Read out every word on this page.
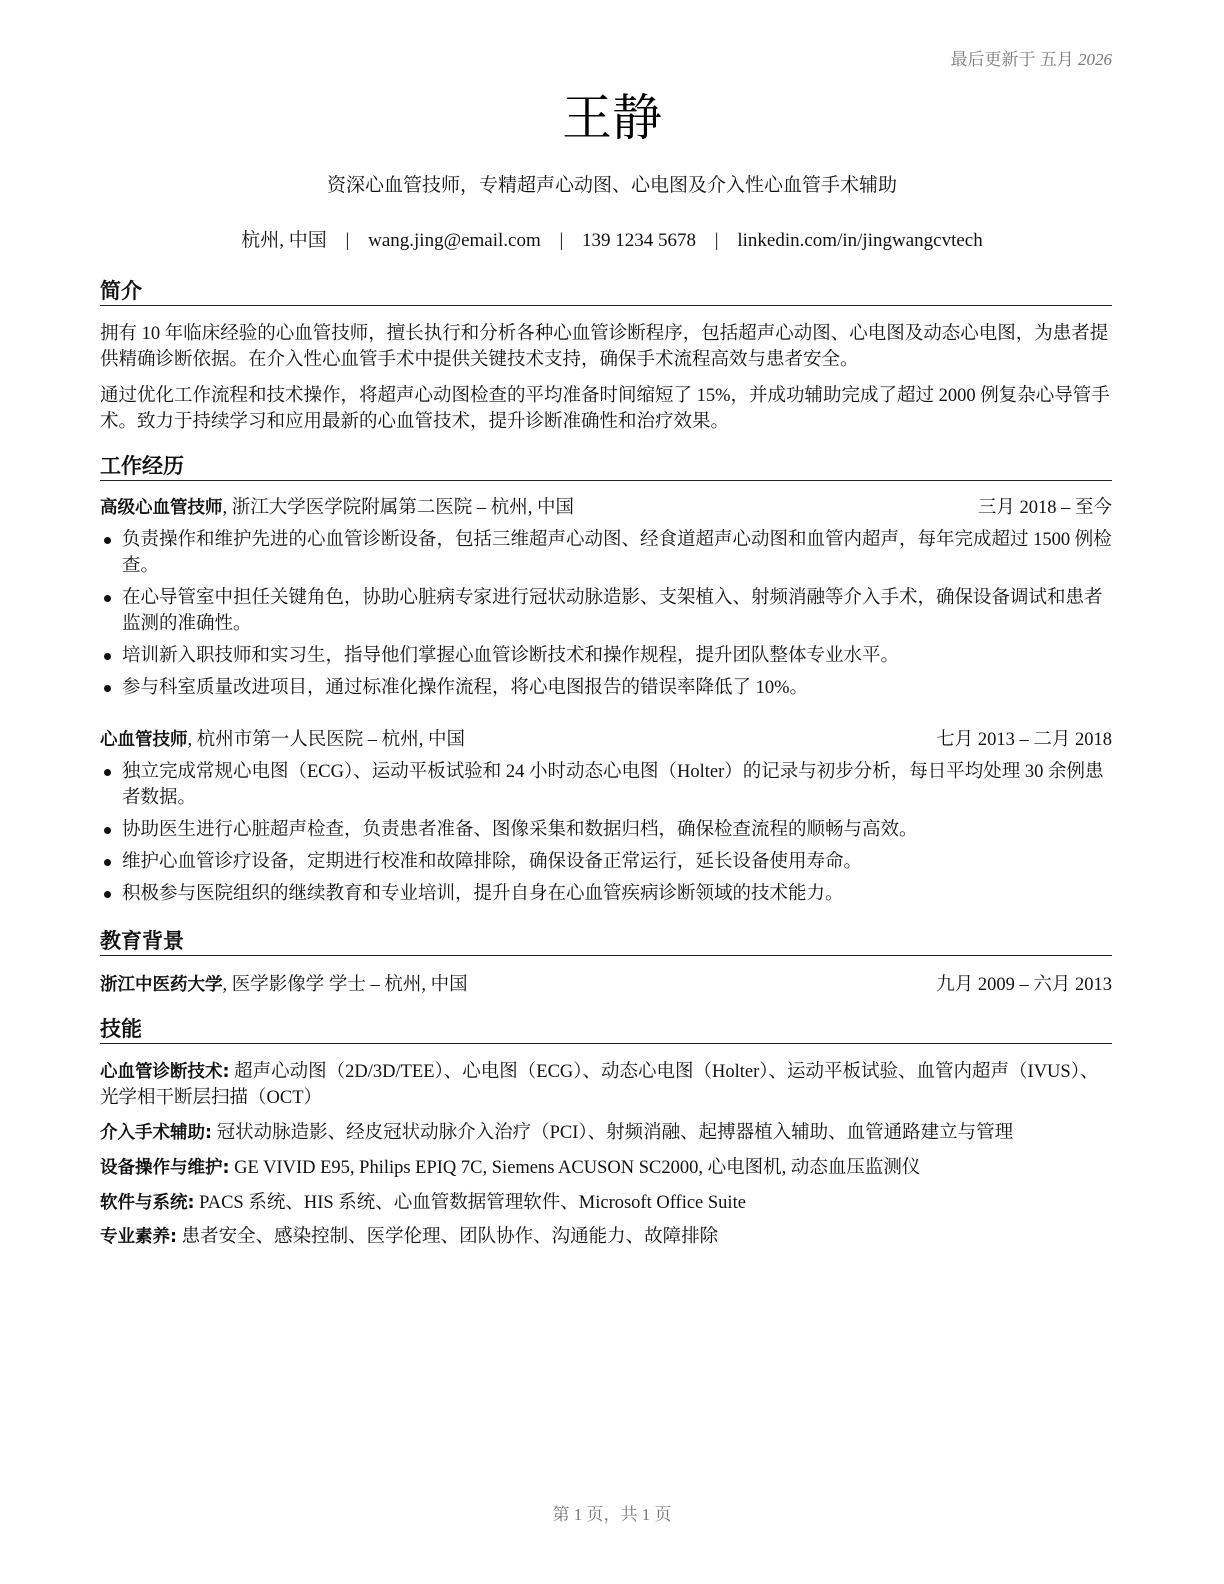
最后更新于 五月 2026
王静
资深心血管技师，专精超声心动图、心电图及介入性心血管手术辅助
杭州, 中国 | wang.jing@email.com | 139 1234 5678 | linkedin.com/in/jingwangcvtech
简介
拥有 10 年临床经验的心血管技师，擅长执行和分析各种心血管诊断程序，包括超声心动图、心电图及动态心电图，为患者提供精确诊断依据。在介入性心血管手术中提供关键技术支持，确保手术流程高效与患者安全。
通过优化工作流程和技术操作，将超声心动图检查的平均准备时间缩短了 15%，并成功辅助完成了超过 2000 例复杂心导管手术。致力于持续学习和应用最新的心血管技术，提升诊断准确性和治疗效果。
工作经历
高级心血管技师, 浙江大学医学院附属第二医院 – 杭州, 中国	三月 2018 – 至今
负责操作和维护先进的心血管诊断设备，包括三维超声心动图、经食道超声心动图和血管内超声，每年完成超过 1500 例检查。
在心导管室中担任关键角色，协助心脏病专家进行冠状动脉造影、支架植入、射频消融等介入手术，确保设备调试和患者监测的准确性。
培训新入职技师和实习生，指导他们掌握心血管诊断技术和操作规程，提升团队整体专业水平。
参与科室质量改进项目，通过标准化操作流程，将心电图报告的错误率降低了 10%。
心血管技师, 杭州市第一人民医院 – 杭州, 中国	七月 2013 – 二月 2018
独立完成常规心电图（ECG）、运动平板试验和 24 小时动态心电图（Holter）的记录与初步分析，每日平均处理 30 余例患者数据。
协助医生进行心脏超声检查，负责患者准备、图像采集和数据归档，确保检查流程的顺畅与高效。
维护心血管诊疗设备，定期进行校准和故障排除，确保设备正常运行，延长设备使用寿命。
积极参与医院组织的继续教育和专业培训，提升自身在心血管疾病诊断领域的技术能力。
教育背景
浙江中医药大学, 医学影像学 学士 – 杭州, 中国	九月 2009 – 六月 2013
技能
心血管诊断技术: 超声心动图（2D/3D/TEE）、心电图（ECG）、动态心电图（Holter）、运动平板试验、血管内超声（IVUS）、光学相干断层扫描（OCT）
介入手术辅助: 冠状动脉造影、经皮冠状动脉介入治疗（PCI）、射频消融、起搏器植入辅助、血管通路建立与管理
设备操作与维护: GE VIVID E95, Philips EPIQ 7C, Siemens ACUSON SC2000, 心电图机, 动态血压监测仪
软件与系统: PACS 系统、HIS 系统、心血管数据管理软件、Microsoft Office Suite
专业素养: 患者安全、感染控制、医学伦理、团队协作、沟通能力、故障排除
第 1 页，共 1 页
